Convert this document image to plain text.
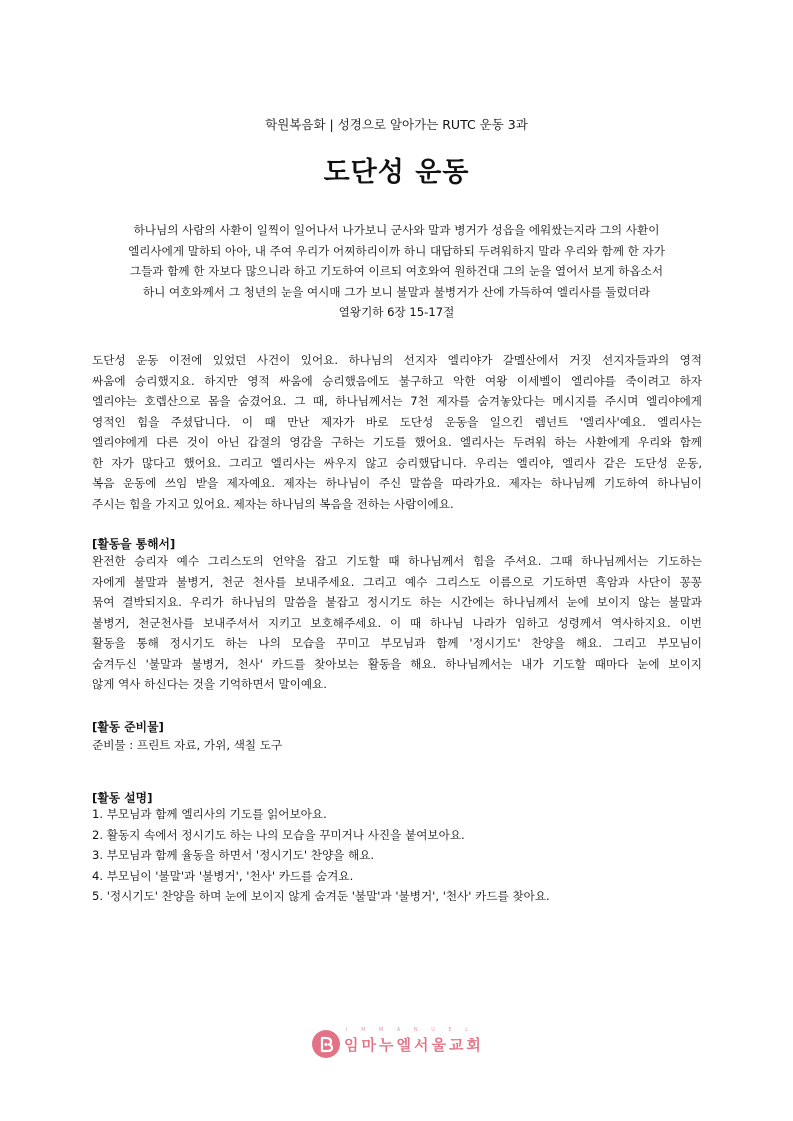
학원복음화 | 성경으로 알아가는 RUTC 운동 3과
도단성 운동

하나님의 사람의 사환이 일찍이 일어나서 나가보니 군사와 말과 병거가 성읍을 에워쌌는지라 그의 사환이

엘리사에게 말하되 아아, 내 주여 우리가 어찌하리이까 하니 대답하되 두려워하지 말라 우리와 함께 한 자가

그들과 함께 한 자보다 많으니라 하고 기도하여 이르되 여호와여 원하건대 그의 눈을 열어서 보게 하옵소서

하니 여호와께서 그 청년의 눈을 여시매 그가 보니 불말과 불병거가 산에 가득하여 엘리사를 둘렀더라

열왕기하 6장 15-17절

도단성 운동 이전에 있었던 사건이 있어요. 하나님의 선지자 엘리야가 갈멜산에서 거짓 선지자들과의 영적

싸움에 승리했지요. 하지만 영적 싸움에 승리했음에도 불구하고 악한 여왕 이세벨이 엘리야를 죽이려고 하자

엘리야는 호렙산으로 몸을 숨겼어요. 그 때, 하나님께서는 7천 제자를 숨겨놓았다는 메시지를 주시며 엘리야에게

영적인 힘을 주셨답니다. 이 때 만난 제자가 바로 도단성 운동을 일으킨 렘넌트 '엘리사'예요. 엘리사는

엘리야에게 다른 것이 아닌 갑절의 영감을 구하는 기도를 했어요. 엘리사는 두려워 하는 사환에게 우리와 함께

한 자가 많다고 했어요. 그리고 엘리사는 싸우지 않고 승리했답니다. 우리는 엘리야, 엘리사 같은 도단성 운동,

복음 운동에 쓰임 받을 제자예요. 제자는 하나님이 주신 말씀을 따라가요. 제자는 하나님께 기도하여 하나님이

주시는 힘을 가지고 있어요. 제자는 하나님의 복음을 전하는 사람이에요.

[활동을 통해서]

완전한 승리자 예수 그리스도의 언약을 잡고 기도할 때 하나님께서 힘을 주셔요. 그때 하나님께서는 기도하는

자에게 불말과 불병거, 천군 천사를 보내주세요. 그리고 예수 그리스도 이름으로 기도하면 흑암과 사단이 꽁꽁

묶여 결박되지요. 우리가 하나님의 말씀을 붙잡고 정시기도 하는 시간에는 하나님께서 눈에 보이지 않는 불말과

불병거, 천군천사를 보내주셔서 지키고 보호해주세요. 이 때 하나님 나라가 임하고 성령께서 역사하지요. 이번

활동을 통해 정시기도 하는 나의 모습을 꾸미고 부모님과 함께 '정시기도' 찬양을 해요. 그리고 부모님이

숨겨두신 '불말과 불병거, 천사' 카드를 찾아보는 활동을 해요. 하나님께서는 내가 기도할 때마다 눈에 보이지

않게 역사 하신다는 것을 기억하면서 말이예요.

[활동 준비물]

준비물 : 프린트 자료, 가위, 색칠 도구

[활동 설명]

1. 부모님과 함께 엘리사의 기도를 읽어보아요.

2. 활동지 속에서 정시기도 하는 나의 모습을 꾸미거나 사진을 붙여보아요.

3. 부모님과 함께 율동을 하면서 '정시기도' 찬양을 해요.

4. 부모님이 '불말'과 '불병거', '천사' 카드를 숨겨요.

5. '정시기도' 찬양을 하며 눈에 보이지 않게 숨겨둔 '불말'과 '불병거', '천사' 카드를 찾아요.

I M M A N U E L
임마누엘서울교회
